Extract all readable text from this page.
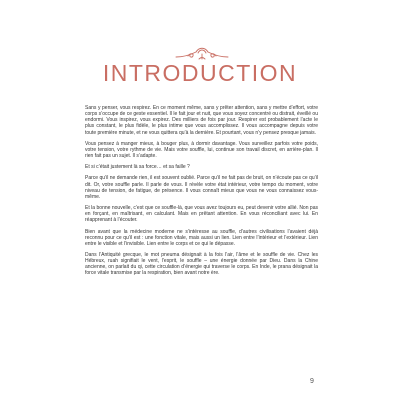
INTRODUCTION

Sans y penser, vous respirez. En ce moment même, sans y prêter attention, sans y mettre d’effort, votre corps s’occupe de ce geste essentiel. Il le fait jour et nuit, que vous soyez concentré ou distrait, éveillé ou endormi. Vous inspirez, vous expirez. Des milliers de fois par jour. Respirer est probablement l’acte le plus constant, le plus fidèle, le plus intime que vous accomplissez. Il vous accompagne depuis votre toute première minute, et ne vous quittera qu’à la dernière. Et pourtant, vous n’y pensez presque jamais.

Vous pensez à manger mieux, à bouger plus, à dormir davantage. Vous surveillez parfois votre poids, votre tension, votre rythme de vie. Mais votre souffle, lui, continue son travail discret, en arrière-plan. Il rien fait pas un sujet. Il s’adapte.

Et si c’était justement là sa force… et sa faille ?

Parce qu’il ne demande rien, il est souvent oublié. Parce qu’il ne fait pas de bruit, on n’écoute pas ce qu’il dit. Or, votre souffle parle. Il parle de vous. Il révèle votre état intérieur, votre tempo du moment, votre niveau de tension, de fatigue, de présence. Il vous connaît mieux que vous ne vous connaissez vous-même.

Et la bonne nouvelle, c’est que ce souffle-là, que vous avez toujours eu, peut devenir votre allié. Non pas en forçant, en maîtrisant, en calculant. Mais en prêtant attention. En vous réconciliant avec lui. En réapprenant à l’écouter.

Bien avant que la médecine moderne ne s’intéresse au souffle, d’autres civilisations l’avaient déjà reconnu pour ce qu’il est : une fonction vitale, mais aussi un lien. Lien entre l’intérieur et l’extérieur. Lien entre le visible et l’invisible. Lien entre le corps et ce qui le dépasse.

Dans l’Antiquité grecque, le mot pneuma désignait à la fois l’air, l’âme et le souffle de vie. Chez les Hébreux, ruah signifiait le vent, l’esprit, le souffle – une énergie donnée par Dieu. Dans la Chine ancienne, on parlait du qi, cette circulation d’énergie qui traverse le corps. En Inde, le prana désignait la force vitale transmise par la respiration, bien avant notre ère.

9
